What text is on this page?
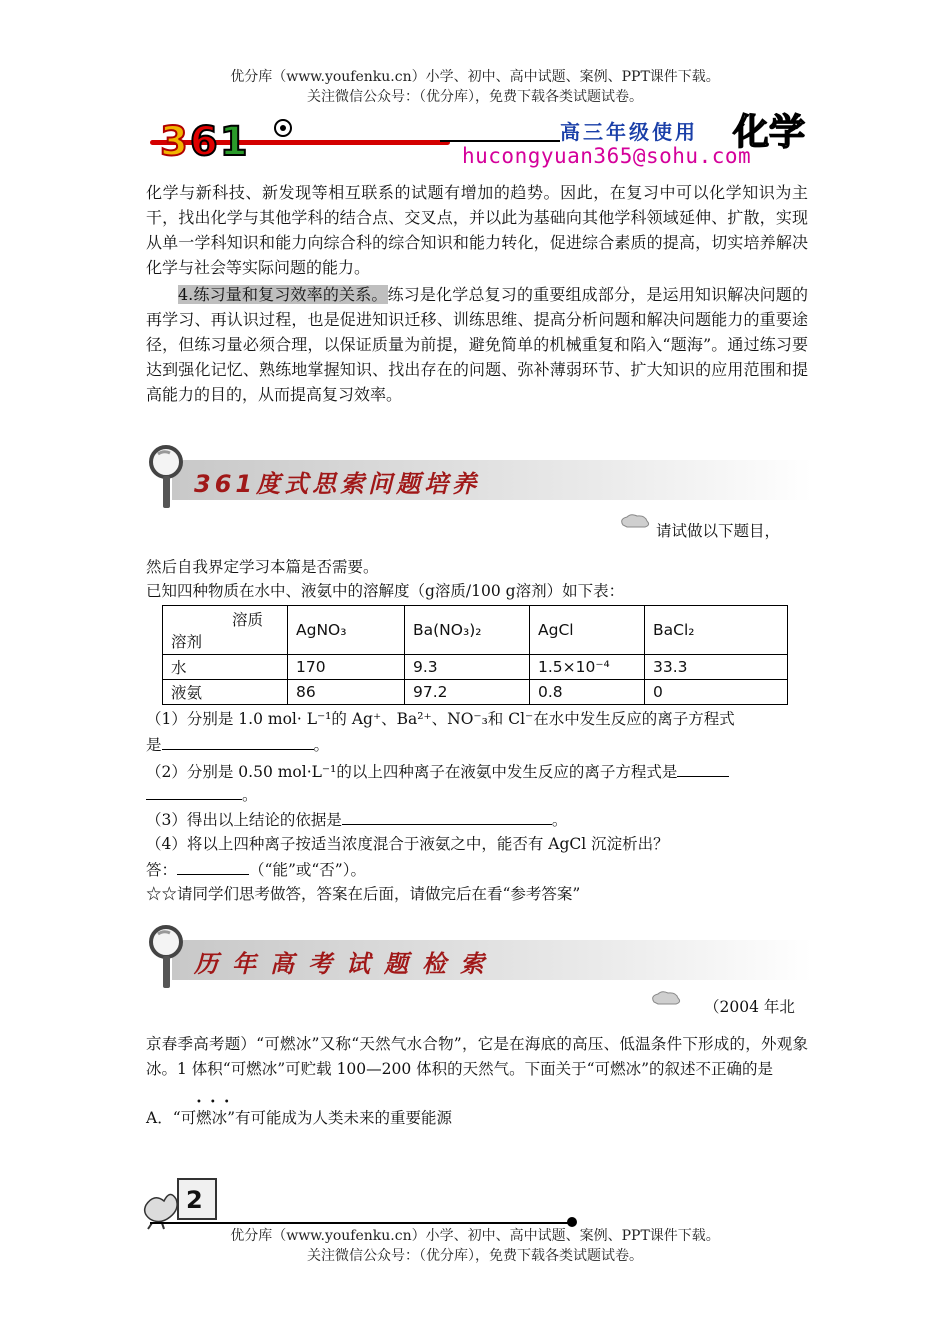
优分库（www.youfenku.cn）小学、初中、高中试题、案例、PPT课件下载。
关注微信公众号：（优分库），免费下载各类试题试卷。
361	高三年级使用 化学
hucongyuan365@sohu.com
化学与新科技、新发现等相互联系的试题有增加的趋势。因此，在复习中可以化学知识为主干，找出化学与其他学科的结合点、交叉点，并以此为基础向其他学科领域延伸、扩散，实现从单一学科知识和能力向综合科的综合知识和能力转化，促进综合素质的提高，切实培养解决化学与社会等实际问题的能力。
4.练习量和复习效率的关系。练习是化学总复习的重要组成部分，是运用知识解决问题的再学习、再认识过程，也是促进知识迁移、训练思维、提高分析问题和解决问题能力的重要途径，但练习量必须合理，以保证质量为前提，避免简单的机械重复和陷入“题海”。通过练习要达到强化记忆、熟练地掌握知识、找出存在的问题、弥补薄弱环节、扩大知识的应用范围和提高能力的目的，从而提高复习效率。
361度式思索问题培养
请试做以下题目，
然后自我界定学习本篇是否需要。
已知四种物质在水中、液氨中的溶解度（g溶质/100 g溶剂）如下表：
溶质
溶剂	AgNO₃	Ba(NO₃)₂	AgCl	BaCl₂
水	170	9.3	1.5×10⁻⁴	33.3
液氨	86	97.2	0.8	0
（1）分别是 1.0 mol· L⁻¹的 Ag⁺、Ba²⁺、NO⁻₃和 Cl⁻在水中发生反应的离子方程式
是	。
（2）分别是 0.50 mol·L⁻¹的以上四种离子在液氨中发生反应的离子方程式是
。
（3）得出以上结论的依据是	。
（4）将以上四种离子按适当浓度混合于液氨之中，能否有 AgCl 沉淀析出？
答：	（“能”或“否”）。
☆☆请同学们思考做答，答案在后面，请做完后在看“参考答案”
历年高考试题检索
（2004 年北
京春季高考题）“可燃冰”又称“天然气水合物”，它是在海底的高压、低温条件下形成的，外观象冰。1 体积“可燃冰”可贮载 100—200 体积的天然气。下面关于“可燃冰”的叙述不正确的是
•••
A．“可燃冰”有可能成为人类未来的重要能源
2
优分库（www.youfenku.cn）小学、初中、高中试题、案例、PPT课件下载。
关注微信公众号：（优分库），免费下载各类试题试卷。
